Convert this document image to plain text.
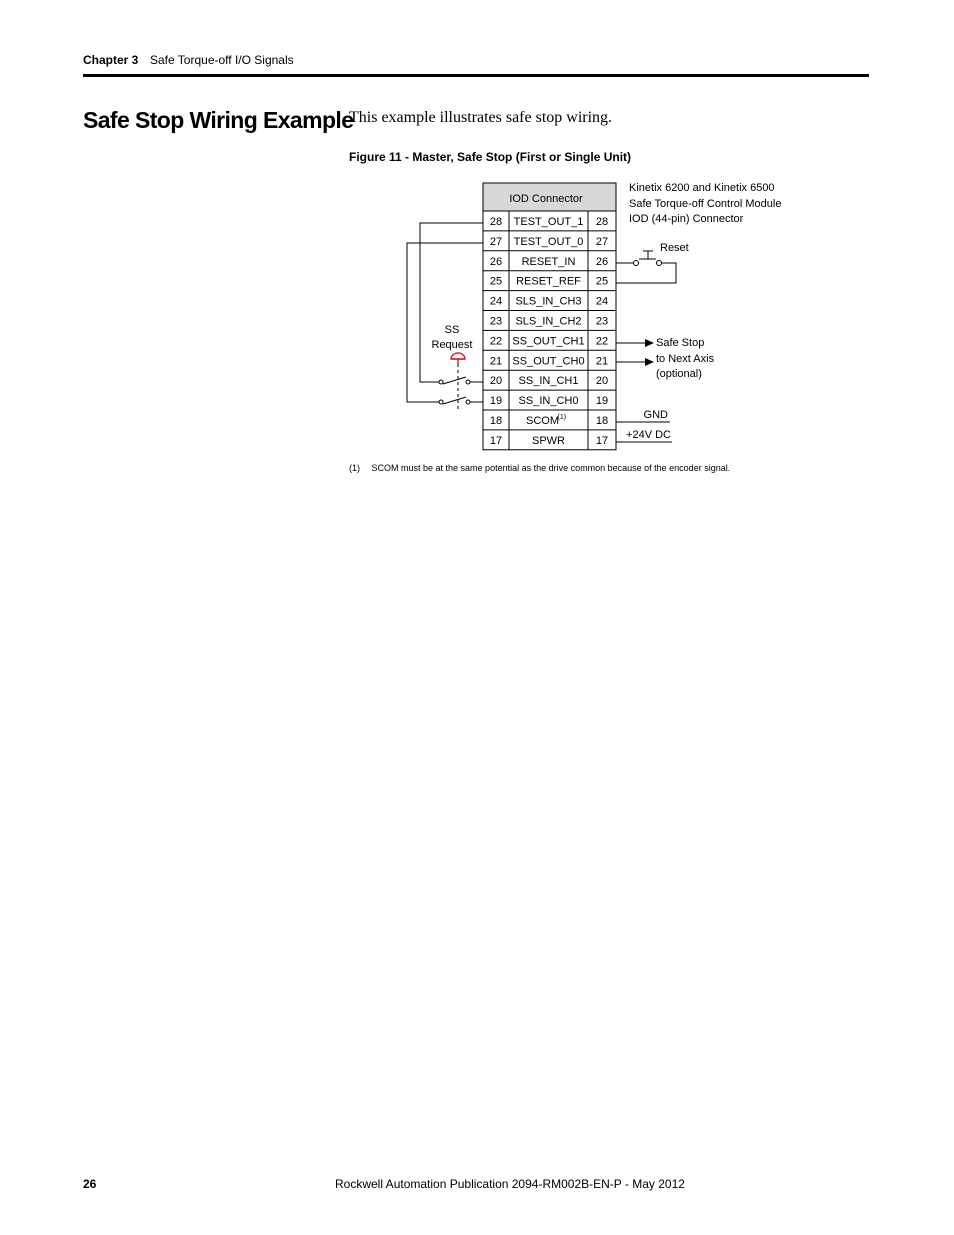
Chapter 3 Safe Torque-off I/O Signals
Safe Stop Wiring Example

This example illustrates safe stop wiring.

Figure 11 - Master, Safe Stop (First or Single Unit)
28 TEST_OUT_1 28
27 TEST_OUT_0 27
26 RESET_IN 26
25 RESET_REF 25
24 SLS_IN_CH3 24
23 SLS_IN_CH2 23
22 SS_OUT_CH1 22
21 SS_OUT_CH0 21
20 SS_IN_CH1 20
19 SS_IN_CH0 19
18 SCOM	18
(1)
17	SPWR	17
IOD Connector
Kinetix 6200 and Kinetix 6500
Safe Torque-off Control Module
IOD (44-pin) Connector
SS
Request
Reset
Safe Stop
to Next Axis
(optional)
GND
+24V DC
(1) SCOM must be at the same potential as the drive common because of the encoder signal.
26	Rockwell Automation Publication 2094-RM002B-EN-P - May 2012
